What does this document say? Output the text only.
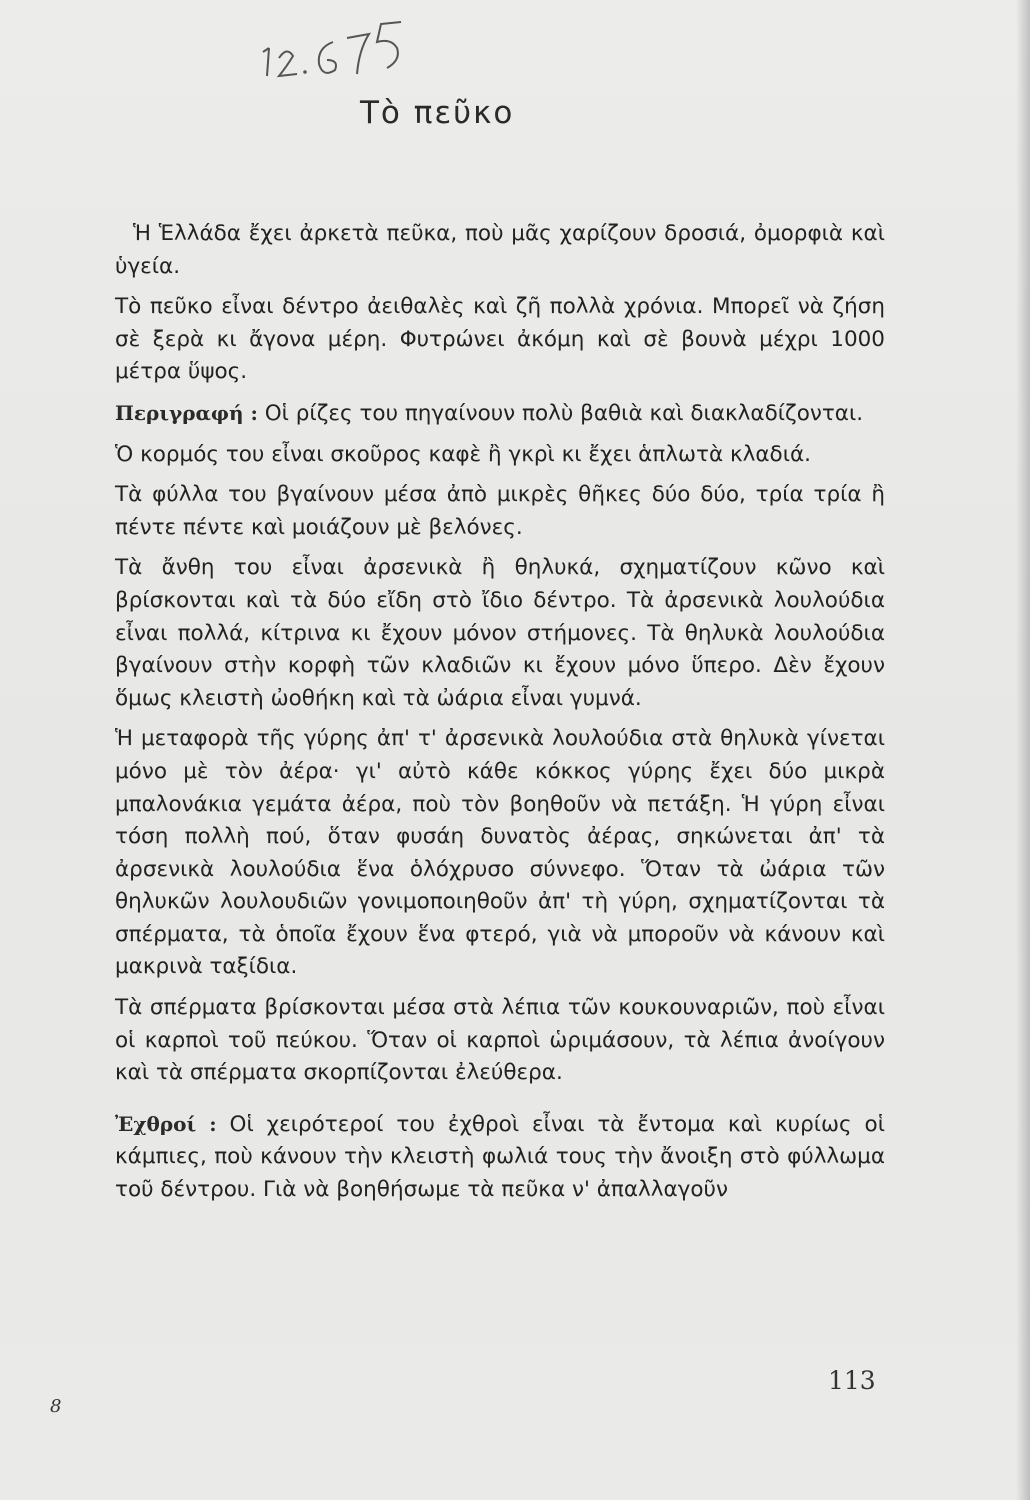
Τὸ πεῦκο

Ἡ Ἑλλάδα ἔχει ἀρκετὰ πεῦκα, ποὺ μᾶς χαρίζουν δροσιά, ὀμορφιὰ καὶ ὑγεία.

Τὸ πεῦκο εἶναι δέντρο ἀειθαλὲς καὶ ζῆ πολλὰ χρόνια. Μπορεῖ νὰ ζήση σὲ ξερὰ κι ἄγονα μέρη. Φυτρώνει ἀκόμη καὶ σὲ βουνὰ μέχρι 1000 μέτρα ὕψος.

Περιγραφή : Οἱ ρίζες του πηγαίνουν πολὺ βαθιὰ καὶ διακλαδίζονται.

Ὁ κορμός του εἶναι σκοῦρος καφὲ ἢ γκρὶ κι ἔχει ἁπλωτὰ κλαδιά.

Τὰ φύλλα του βγαίνουν μέσα ἀπὸ μικρὲς θῆκες δύο δύο, τρία τρία ἢ πέντε πέντε καὶ μοιάζουν μὲ βελόνες.

Τὰ ἄνθη του εἶναι ἀρσενικὰ ἢ θηλυκά, σχηματίζουν κῶνο καὶ βρίσκονται καὶ τὰ δύο εἴδη στὸ ἴδιο δέντρο. Τὰ ἀρσενικὰ λουλούδια εἶναι πολλά, κίτρινα κι ἔχουν μόνον στήμονες. Τὰ θηλυκὰ λουλούδια βγαίνουν στὴν κορφὴ τῶν κλαδιῶν κι ἔχουν μόνο ὕπερο. Δὲν ἔχουν ὅμως κλειστὴ ὠοθήκη καὶ τὰ ὠάρια εἶναι γυμνά.

Ἡ μεταφορὰ τῆς γύρης ἀπ' τ' ἀρσενικὰ λουλούδια στὰ θηλυκὰ γίνεται μόνο μὲ τὸν ἀέρα· γι' αὐτὸ κάθε κόκκος γύρης ἔχει δύο μικρὰ μπαλονάκια γεμάτα ἀέρα, ποὺ τὸν βοηθοῦν νὰ πετάξη. Ἡ γύρη εἶναι τόση πολλὴ πού, ὅταν φυσάη δυνατὸς ἀέρας, σηκώνεται ἀπ' τὰ ἀρσενικὰ λουλούδια ἕνα ὁλόχρυσο σύννεφο. Ὅταν τὰ ὠάρια τῶν θηλυκῶν λουλουδιῶν γονιμοποιηθοῦν ἀπ' τὴ γύρη, σχηματίζονται τὰ σπέρματα, τὰ ὁποῖα ἔχουν ἕνα φτερό, γιὰ νὰ μποροῦν νὰ κάνουν καὶ μακρινὰ ταξίδια.

Τὰ σπέρματα βρίσκονται μέσα στὰ λέπια τῶν κουκουναριῶν, ποὺ εἶναι οἱ καρποὶ τοῦ πεύκου. Ὅταν οἱ καρποὶ ὡριμάσουν, τὰ λέπια ἀνοίγουν καὶ τὰ σπέρματα σκορπίζονται ἐλεύθερα.

Ἐχθροί : Οἱ χειρότεροί του ἐχθροὶ εἶναι τὰ ἔντομα καὶ κυρίως οἱ κάμπιες, ποὺ κάνουν τὴν κλειστὴ φωλιά τους τὴν ἄνοιξη στὸ φύλλωμα τοῦ δέντρου. Γιὰ νὰ βοηθήσωμε τὰ πεῦκα ν' ἀπαλλαγοῦν

113
8
